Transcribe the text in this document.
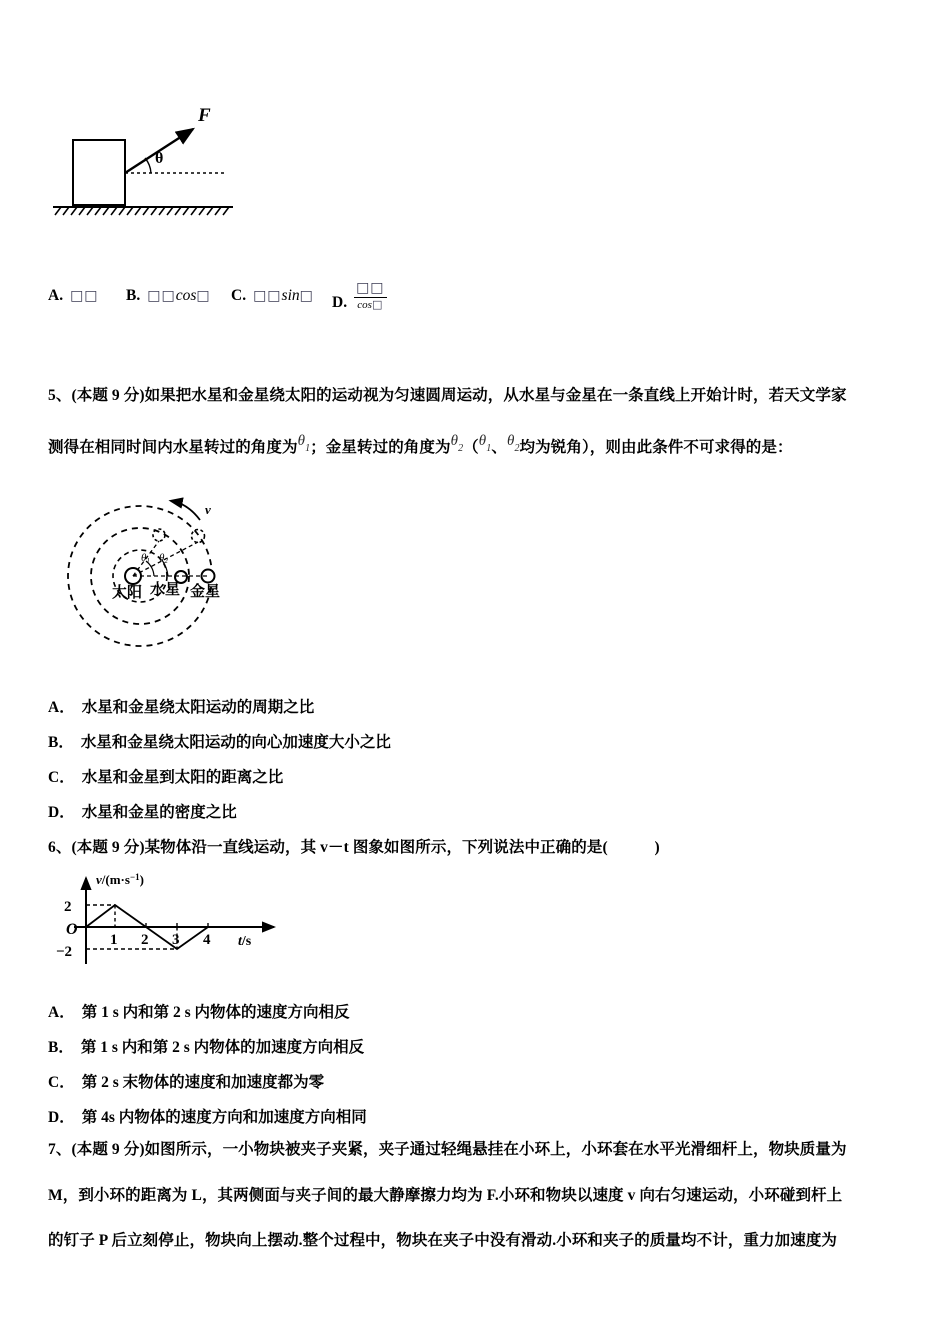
F
θ
A. □□ B. □□cos□ C. □□sin□ D. $\frac{□□}{\cos□}$
5、(本题 9 分)如果把水星和金星绕太阳的运动视为匀速圆周运动，从水星与金星在一条直线上开始计时，若天文学家
测得在相同时间内水星转过的角度为$\theta_1$；金星转过的角度为$\theta_2(\theta_1$、$\theta_2$均为锐角），则由此条件不可求得的是：
v
θ1 θ2
太阳 水星 金星
A． 水星和金星绕太阳运动的周期之比
B． 水星和金星绕太阳运动的向心加速度大小之比
C． 水星和金星到太阳的距离之比
D． 水星和金星的密度之比
6、(本题 9 分)某物体沿一直线运动，其 v－t 图象如图所示，下列说法中正确的是(　　　)
$v/(m\cdot s^{-1})$
2
−2
O
1 2 3 4 t/s
A． 第 1 s 内和第 2 s 内物体的速度方向相反
B． 第 1 s 内和第 2 s 内物体的加速度方向相反
C． 第 2 s 末物体的速度和加速度都为零
D． 第 4s 内物体的速度方向和加速度方向相同
7、(本题 9 分)如图所示，一小物块被夹子夹紧，夹子通过轻绳悬挂在小环上，小环套在水平光滑细杆上，物块质量为
M，到小环的距离为 L，其两侧面与夹子间的最大静摩擦力均为 F.小环和物块以速度 v 向右匀速运动，小环碰到杆上
的钉子 P 后立刻停止，物块向上摆动.整个过程中，物块在夹子中没有滑动.小环和夹子的质量均不计，重力加速度为
